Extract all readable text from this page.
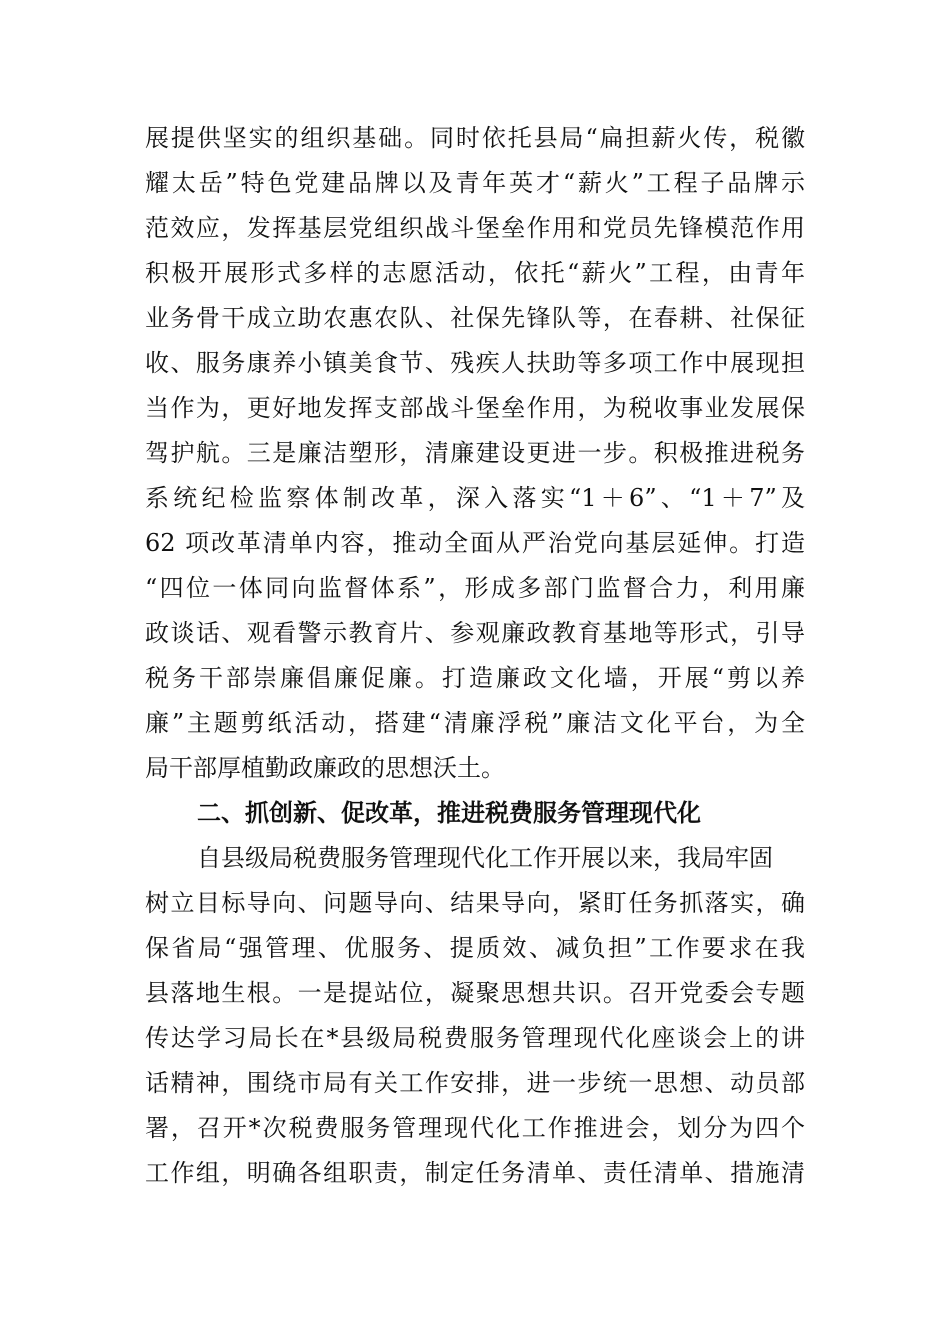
展提供坚实的组织基础。同时依托县局“扁担薪火传，税徽
耀太岳”特色党建品牌以及青年英才“薪火”工程子品牌示
范效应，发挥基层党组织战斗堡垒作用和党员先锋模范作用
积极开展形式多样的志愿活动，依托“薪火”工程，由青年
业务骨干成立助农惠农队、社保先锋队等，在春耕、社保征
收、服务康养小镇美食节、残疾人扶助等多项工作中展现担
当作为，更好地发挥支部战斗堡垒作用，为税收事业发展保
驾护航。三是廉洁塑形，清廉建设更进一步。积极推进税务
系统纪检监察体制改革，深入落实“1＋6”、“1＋7”及
62 项改革清单内容，推动全面从严治党向基层延伸。打造
“四位一体同向监督体系”，形成多部门监督合力，利用廉
政谈话、观看警示教育片、参观廉政教育基地等形式，引导
税务干部崇廉倡廉促廉。打造廉政文化墙，开展“剪以养
廉”主题剪纸活动，搭建“清廉浮税”廉洁文化平台，为全
局干部厚植勤政廉政的思想沃土。
二、抓创新、促改革，推进税费服务管理现代化
自县级局税费服务管理现代化工作开展以来，我局牢固
树立目标导向、问题导向、结果导向，紧盯任务抓落实，确
保省局“强管理、优服务、提质效、减负担”工作要求在我
县落地生根。一是提站位，凝聚思想共识。召开党委会专题
传达学习局长在*县级局税费服务管理现代化座谈会上的讲
话精神，围绕市局有关工作安排，进一步统一思想、动员部
署，召开*次税费服务管理现代化工作推进会，划分为四个
工作组，明确各组职责，制定任务清单、责任清单、措施清
